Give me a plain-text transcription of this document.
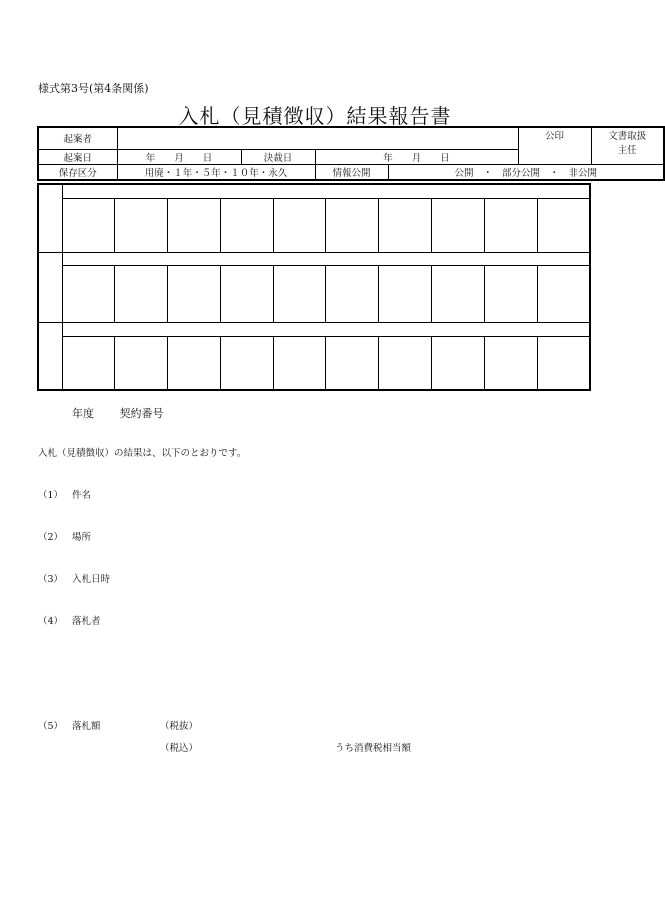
様式第3号(第4条関係)
入札（見積徴収）結果報告書
起案者					公印	文書取扱
主任

起案日	年　　月　　日	決裁日	年　　月　　日			
保存区分	用廃・１年・５年・１０年・永久		情報公開	公開　・　部分公開　・　非公開		

年度 契約番号
入札（見積徴収）の結果は、以下のとおりです。
（1） 件名
（2） 場所
（3） 入札日時
（4） 落札者
（5） 落札額	（税抜）
（税込）	うち消費税相当額
